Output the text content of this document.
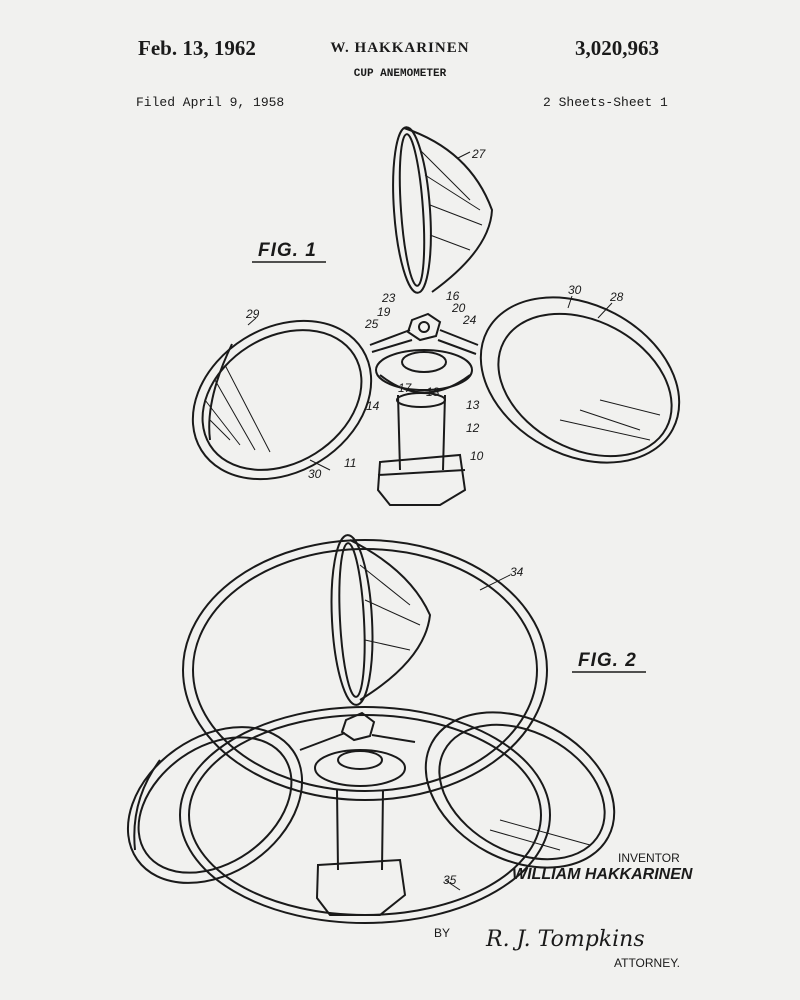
Feb. 13, 1962	W. HAKKARINEN	3,020,963
CUP ANEMOMETER
Filed April 9, 1958	2 Sheets-Sheet 1
FIG. 1
FIG. 2
27
29
30 28
30
23	16
19	20
25	24
17 18
14	13
12
11	10
34
35
R. J. Tompkins
INVENTOR
WILLIAM HAKKARINEN
BY
ATTORNEY.
